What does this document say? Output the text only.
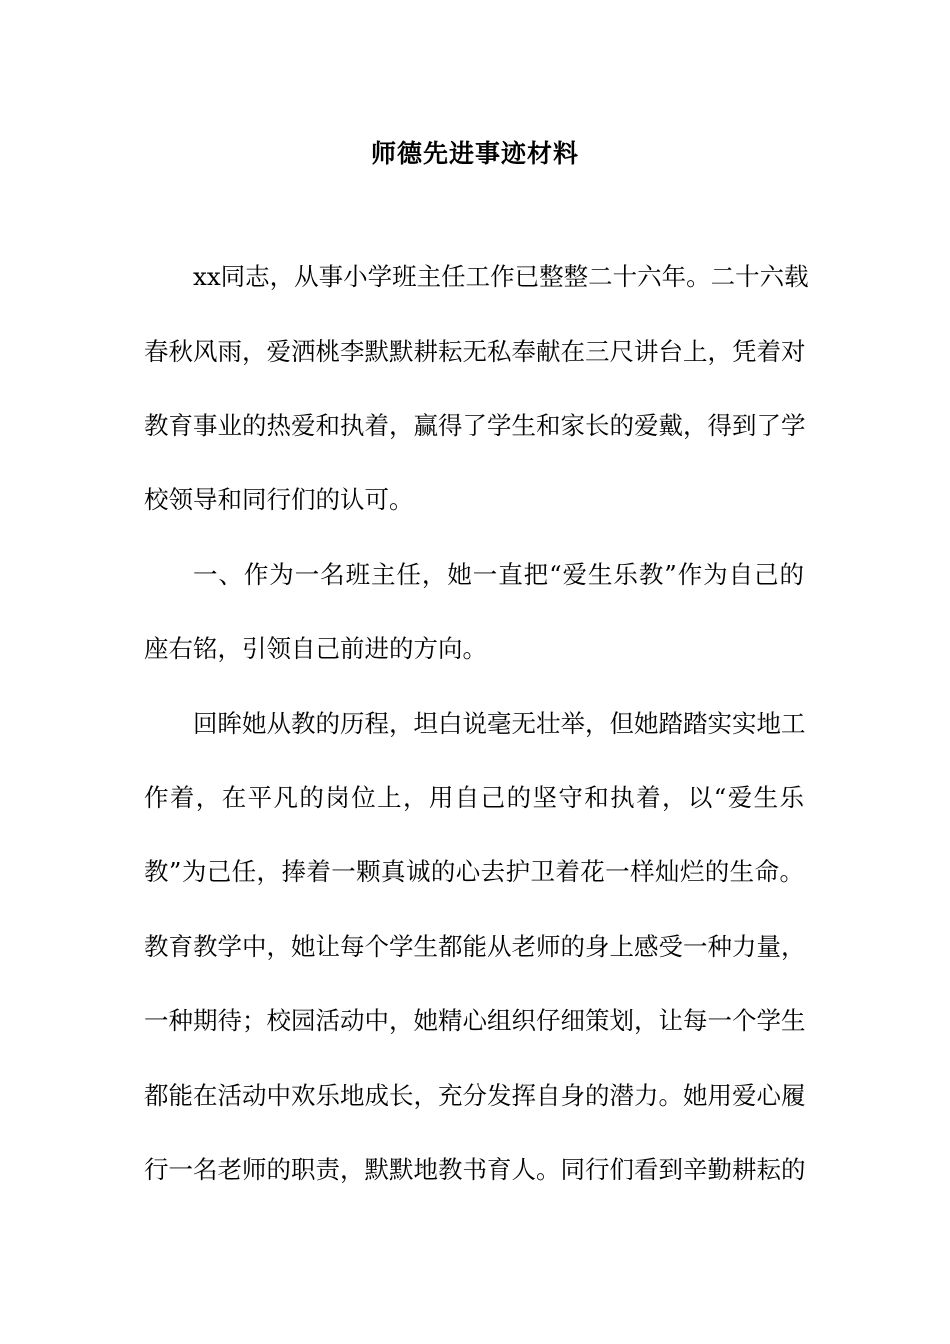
师德先进事迹材料
xx同志，从事小学班主任工作已整整二十六年。二十六载
春秋风雨，爱洒桃李默默耕耘无私奉献在三尺讲台上，凭着对
教育事业的热爱和执着，赢得了学生和家长的爱戴，得到了学
校领导和同行们的认可。
一、作为一名班主任，她一直把“爱生乐教”作为自己的
座右铭，引领自己前进的方向。
回眸她从教的历程，坦白说毫无壮举，但她踏踏实实地工
作着，在平凡的岗位上，用自己的坚守和执着，以“爱生乐
教”为己任，捧着一颗真诚的心去护卫着花一样灿烂的生命。
教育教学中，她让每个学生都能从老师的身上感受一种力量，
一种期待；校园活动中，她精心组织仔细策划，让每一个学生
都能在活动中欢乐地成长，充分发挥自身的潜力。她用爱心履
行一名老师的职责，默默地教书育人。同行们看到辛勤耕耘的
